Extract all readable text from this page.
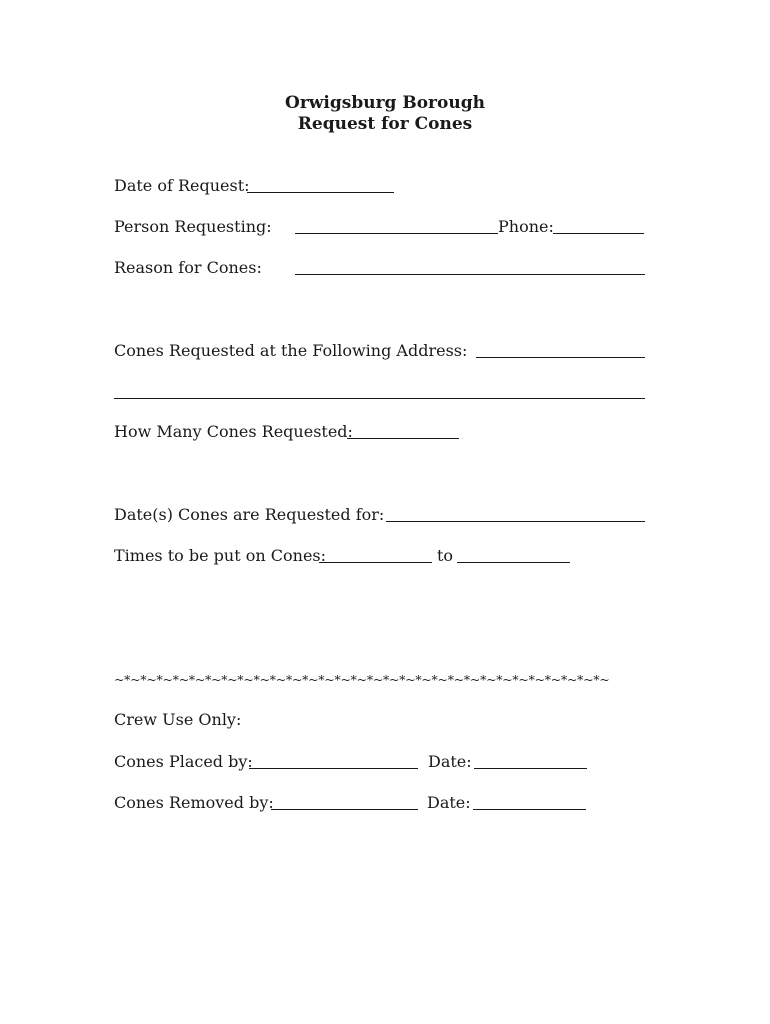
Orwigsburg Borough
Request for Cones
Date of Request:
Person Requesting:	Phone:
Reason for Cones:
Cones Requested at the Following Address:
How Many Cones Requested:
Date(s) Cones are Requested for:
Times to be put on Cones:	to
~*~*~*~*~*~*~*~*~*~*~*~*~*~*~*~*~*~*~*~*~*~*~*~*~*~*~*~*~*~*~
Crew Use Only:
Cones Placed by:	Date:
Cones Removed by:	Date:
